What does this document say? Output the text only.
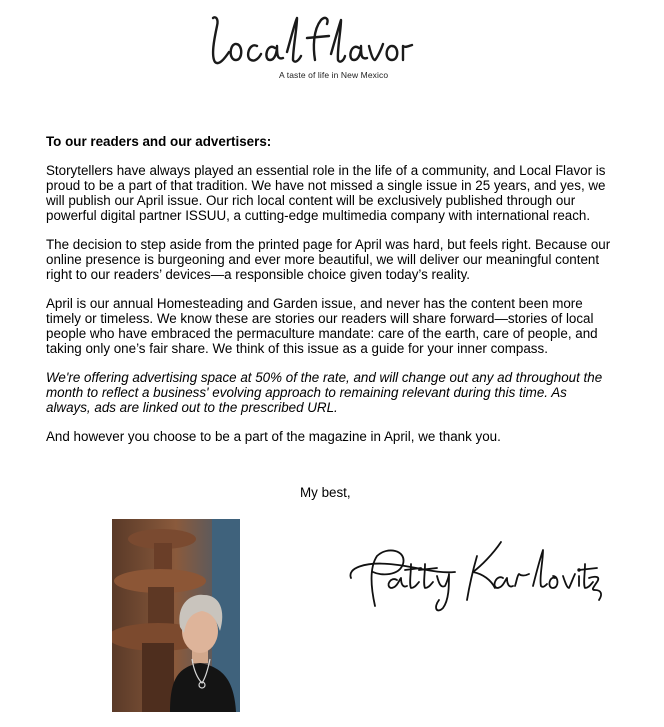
A taste of life in New Mexico

To our readers and our advertisers:

Storytellers have always played an essential role in the life of a community, and Local Flavor is proud to be a part of that tradition. We have not missed a single issue in 25 years, and yes, we will publish our April issue. Our rich local content will be exclusively published through our powerful digital partner ISSUU, a cutting-edge multimedia company with international reach.

The decision to step aside from the printed page for April was hard, but feels right. Because our online presence is burgeoning and ever more beautiful, we will deliver our meaningful content right to our readers’ devices—a responsible choice given today’s reality.

April is our annual Homesteading and Garden issue, and never has the content been more timely or timeless. We know these are stories our readers will share forward—stories of local people who have embraced the permaculture mandate: care of the earth, care of people, and taking only one’s fair share. We think of this issue as a guide for your inner compass.

We're offering advertising space at 50% of the rate, and will change out any ad throughout the month to reflect a business' evolving approach to remaining relevant during this time. As always, ads are linked out to the prescribed URL.

And however you choose to be a part of the magazine in April, we thank you.

My best,
